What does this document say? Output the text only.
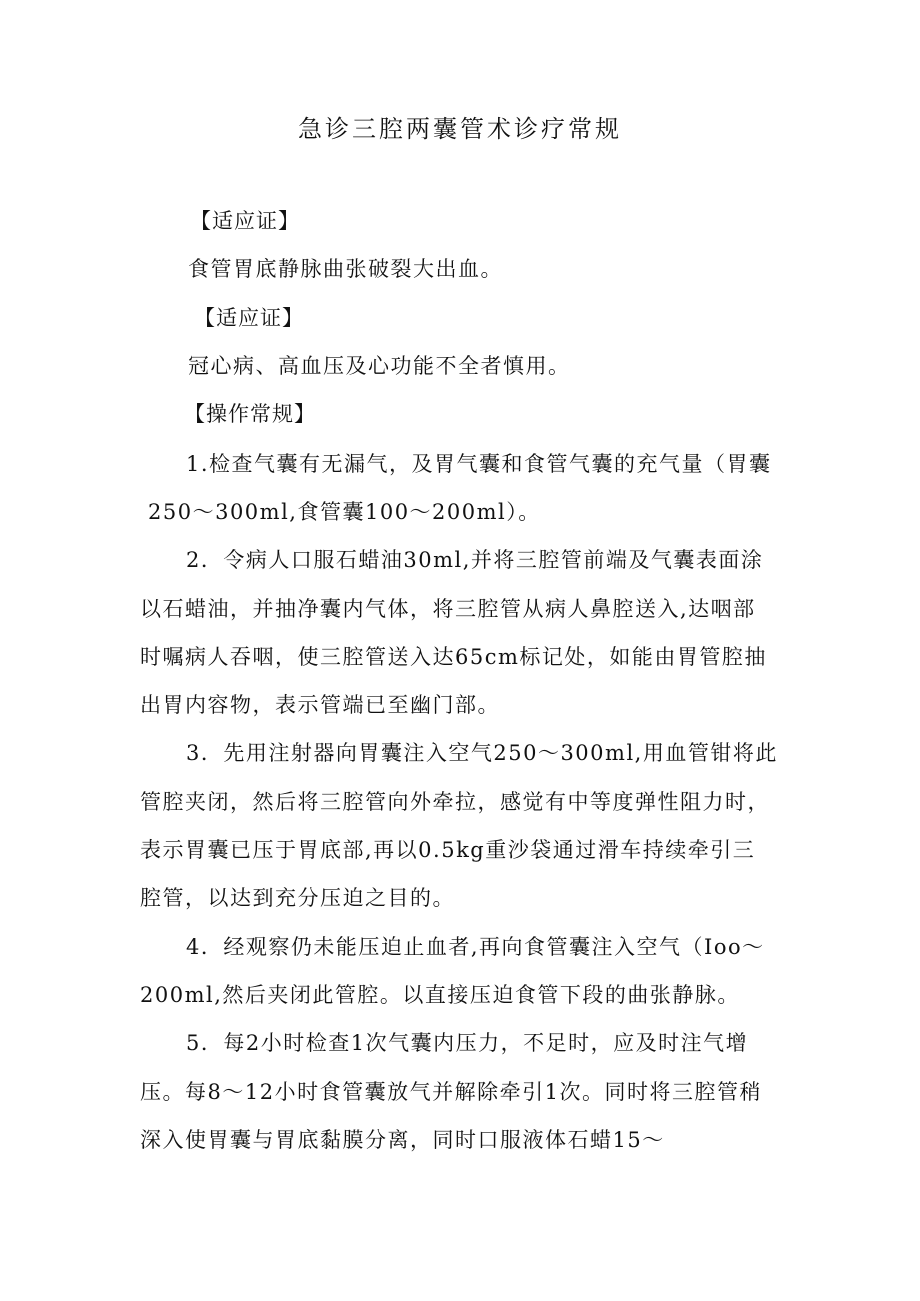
急诊三腔两囊管术诊疗常规
【适应证】
食管胃底静脉曲张破裂大出血。
【适应证】
冠心病、高血压及心功能不全者慎用。
【操作常规】
1.检查气囊有无漏气，及胃气囊和食管气囊的充气量（胃囊
250～300ml,食管囊100～200ml）。
2．令病人口服石蜡油30ml,并将三腔管前端及气囊表面涂
以石蜡油，并抽净囊内气体，将三腔管从病人鼻腔送入,达咽部
时嘱病人吞咽，使三腔管送入达65cm标记处，如能由胃管腔抽
出胃内容物，表示管端已至幽门部。
3．先用注射器向胃囊注入空气250～300ml,用血管钳将此
管腔夹闭，然后将三腔管向外牵拉，感觉有中等度弹性阻力时，
表示胃囊已压于胃底部,再以0.5kg重沙袋通过滑车持续牵引三
腔管，以达到充分压迫之目的。
4．经观察仍未能压迫止血者,再向食管囊注入空气（Ioo～
200ml,然后夹闭此管腔。以直接压迫食管下段的曲张静脉。
5．每2小时检查1次气囊内压力，不足时，应及时注气增
压。每8～12小时食管囊放气并解除牵引1次。同时将三腔管稍
深入使胃囊与胃底黏膜分离，同时口服液体石蜡15～
